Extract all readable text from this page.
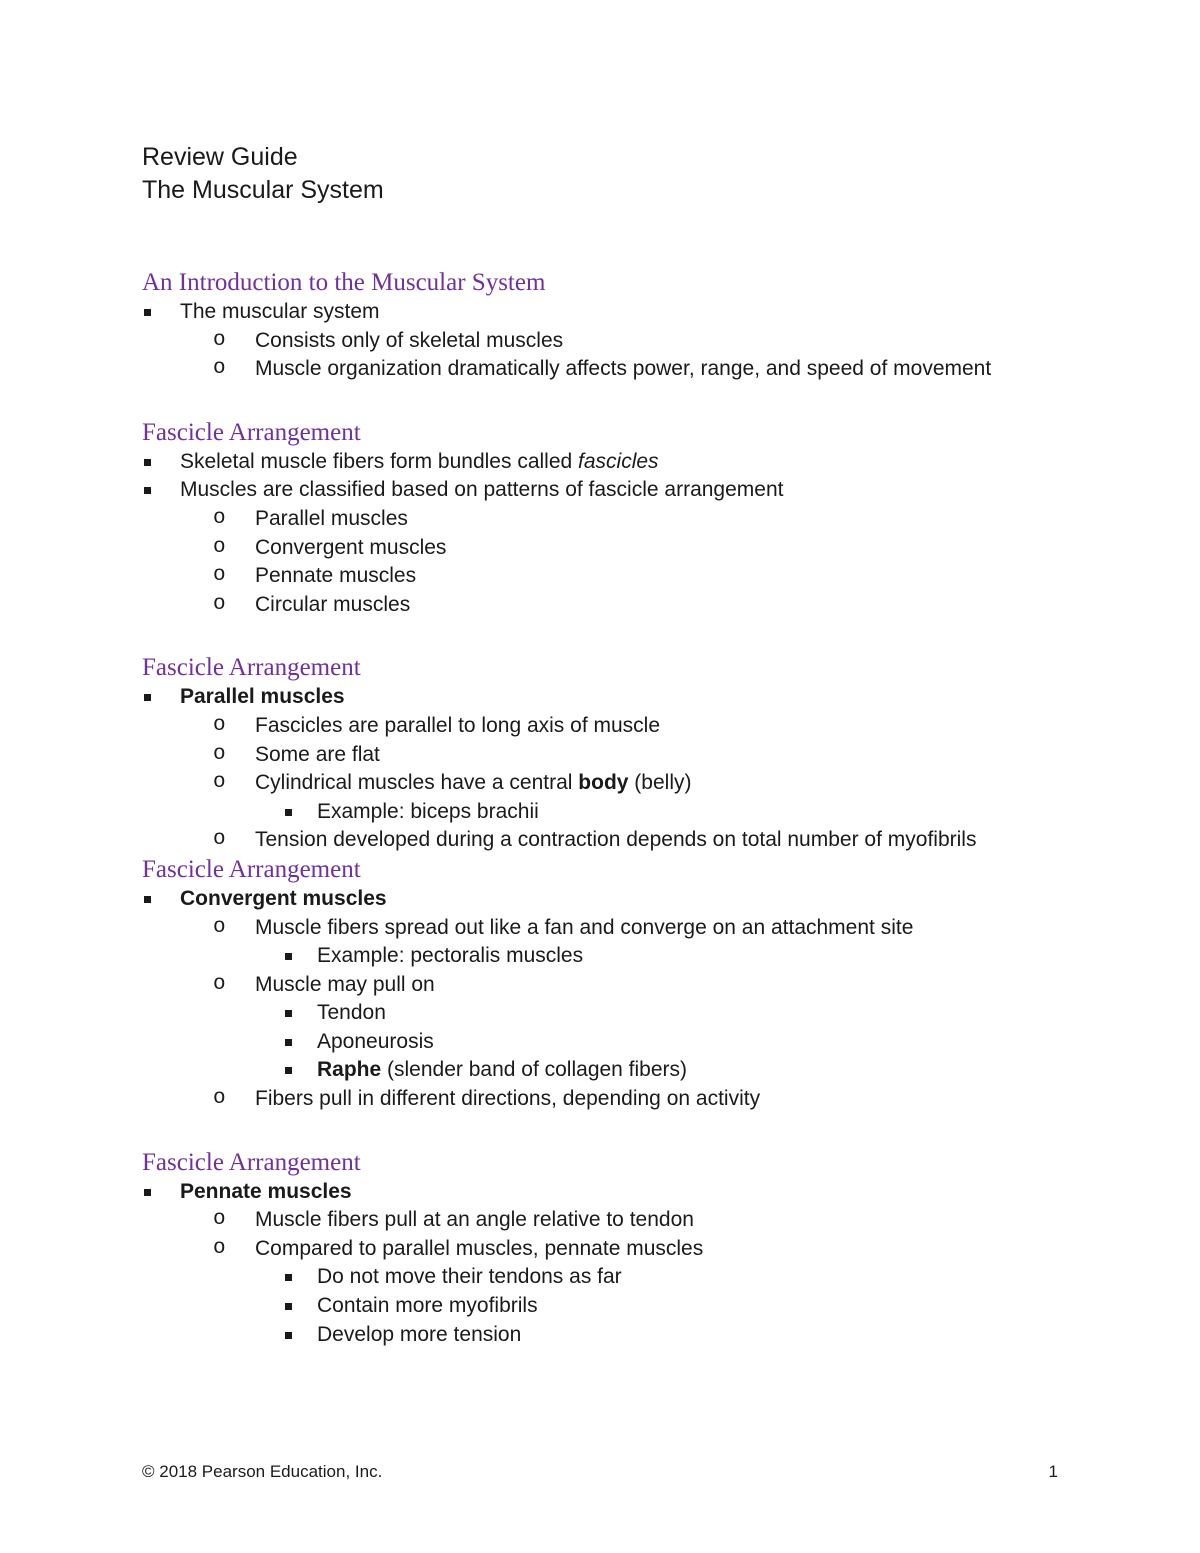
Review Guide
The Muscular System
An Introduction to the Muscular System
The muscular system
o Consists only of skeletal muscles
o Muscle organization dramatically affects power, range, and speed of movement
Fascicle Arrangement
Skeletal muscle fibers form bundles called fascicles
Muscles are classified based on patterns of fascicle arrangement
o Parallel muscles
o Convergent muscles
o Pennate muscles
o Circular muscles
Fascicle Arrangement
Parallel muscles
o Fascicles are parallel to long axis of muscle
o Some are flat
o Cylindrical muscles have a central body (belly)
Example: biceps brachii
o Tension developed during a contraction depends on total number of myofibrils
Fascicle Arrangement
Convergent muscles
o Muscle fibers spread out like a fan and converge on an attachment site
Example: pectoralis muscles
o Muscle may pull on
Tendon
Aponeurosis
Raphe (slender band of collagen fibers)
o Fibers pull in different directions, depending on activity
Fascicle Arrangement
Pennate muscles
o Muscle fibers pull at an angle relative to tendon
o Compared to parallel muscles, pennate muscles
Do not move their tendons as far
Contain more myofibrils
Develop more tension
© 2018 Pearson Education, Inc.	1
